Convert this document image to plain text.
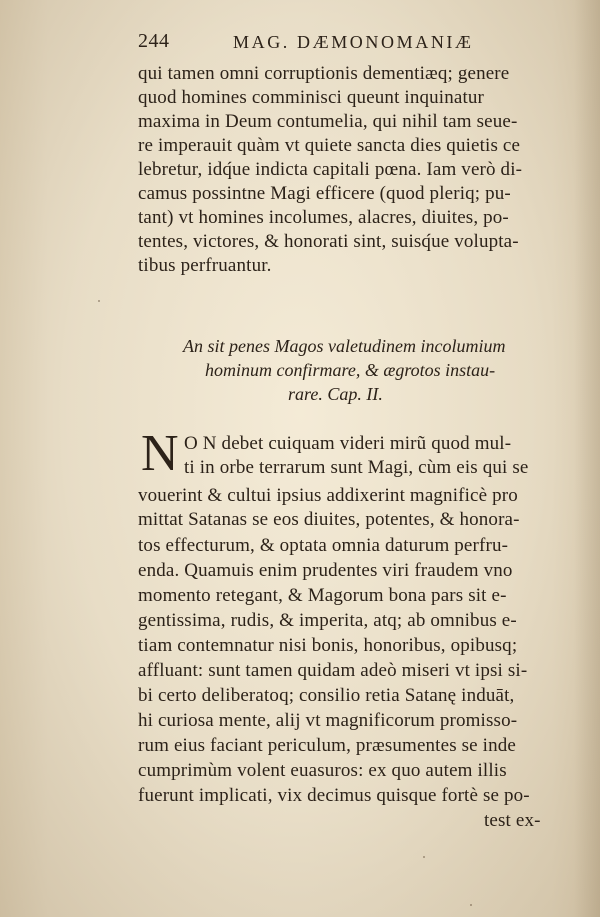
244	MAG. DÆMONOMANIÆ
qui tamen omni corruptionis dementiæq; genere
quod homines comminisci queunt inquinatur
maxima in Deum contumelia, qui nihil tam seue-
re imperauit quàm vt quiete sancta dies quietis ce
lebretur, idq́ue indicta capitali pœna. Iam verò di-
camus possintne Magi efficere (quod pleriq; pu-
tant) vt homines incolumes, alacres, diuites, po-
tentes, victores, & honorati sint, suisq́ue volupta-
tibus perfruantur.
An sit penes Magos valetudinem incolumium
hominum confirmare, & ægrotos instau-
rare. Cap. II.
N O N debet cuiquam videri mirũ quod mul-
ti in orbe terrarum sunt Magi, cùm eis qui se
vouerint & cultui ipsius addixerint magnificè pro
mittat Satanas se eos diuites, potentes, & honora-
tos effecturum, & optata omnia daturum perfru-
enda. Quamuis enim prudentes viri fraudem vno
momento retegant, & Magorum bona pars sit e-
gentissima, rudis, & imperita, atq; ab omnibus e-
tiam contemnatur nisi bonis, honoribus, opibusq;
affluant: sunt tamen quidam adeò miseri vt ipsi si-
bi certo deliberatoq; consilio retia Satanę induāt,
hi curiosa mente, alij vt magnificorum promisso-
rum eius faciant periculum, præsumentes se inde
cumprimùm volent euasuros: ex quo autem illis
fuerunt implicati, vix decimus quisque fortè se po-
test ex-
